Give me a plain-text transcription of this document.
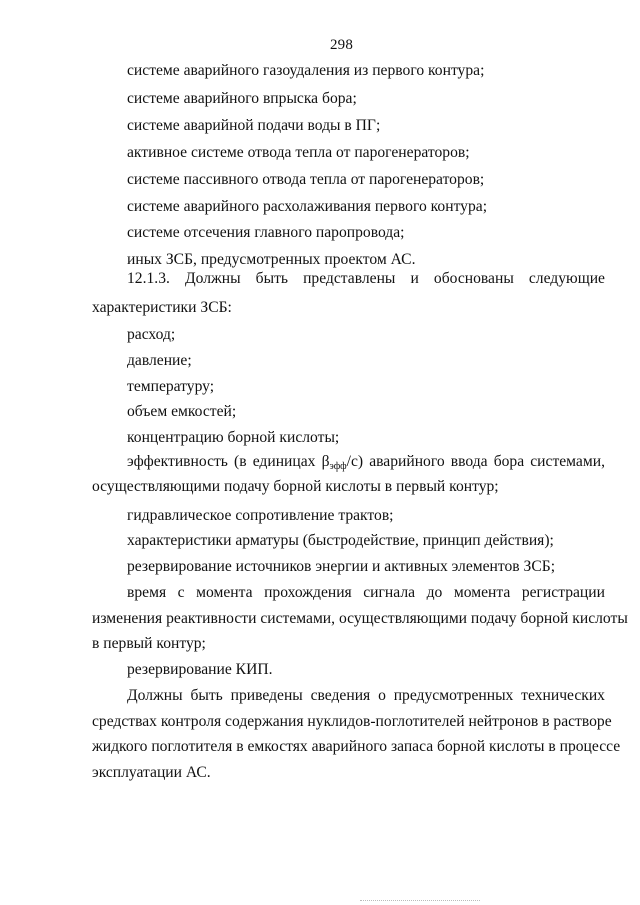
298
системе аварийного газоудаления из первого контура;
системе аварийного впрыска бора;
системе аварийной подачи воды в ПГ;
активное системе отвода тепла от парогенераторов;
системе пассивного отвода тепла от парогенераторов;
системе аварийного расхолаживания первого контура;
системе отсечения главного паропровода;
иных ЗСБ, предусмотренных проектом АС.
12.1.3. Должны быть представлены и обоснованы следующие
характеристики ЗСБ:
расход;
давление;
температуру;
объем емкостей;
концентрацию борной кислоты;
эффективность (в единицах $\beta_{эфф}/с$) аварийного ввода бора системами,
осуществляющими подачу борной кислоты в первый контур;
гидравлическое сопротивление трактов;
характеристики арматуры (быстродействие, принцип действия);
резервирование источников энергии и активных элементов ЗСБ;
время с момента прохождения сигнала до момента регистрации
изменения реактивности системами, осуществляющими подачу борной кислоты
в первый контур;
резервирование КИП.
Должны быть приведены сведения о предусмотренных технических
средствах контроля содержания нуклидов-поглотителей нейтронов в растворе
жидкого поглотителя в емкостях аварийного запаса борной кислоты в процессе
эксплуатации АС.
